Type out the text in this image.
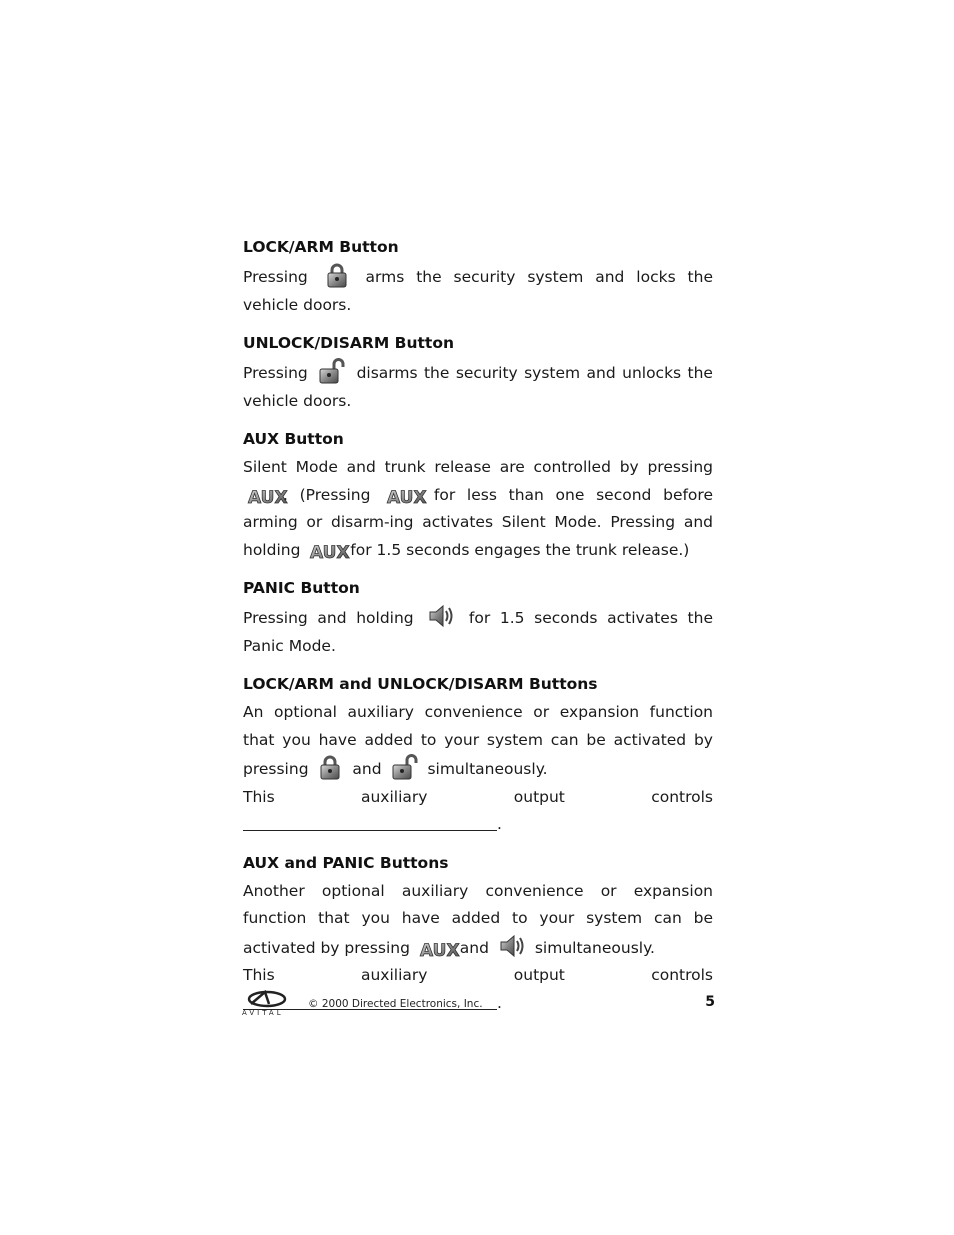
LOCK/ARM Button

Pressing	arms the security system and locks the vehicle doors.

UNLOCK/DISARM Button

Pressing	disarms the security system and unlocks the vehicle doors.

AUX Button

Silent Mode and trunk release are controlled by pressing
AUX
. (Pressing AUX for less than one second before arming or disarm-ing activates Silent Mode. Pressing and holding AUX for 1.5 seconds engages the trunk release.)

PANIC Button

Pressing and holding	for 1.5 seconds activates the Panic Mode.

LOCK/ARM and UNLOCK/DISARM Buttons

An optional auxiliary convenience or expansion function that you have added to your system can be activated by pressing	and	simultaneously.

This auxiliary output controls.

AUX and PANIC Buttons

Another optional auxiliary convenience or expansion function that you have added to your system can be activated by pressing AUX and	simultaneously.

This auxiliary output controls.

AVITAL
© 2000 Directed Electronics, Inc.	5
